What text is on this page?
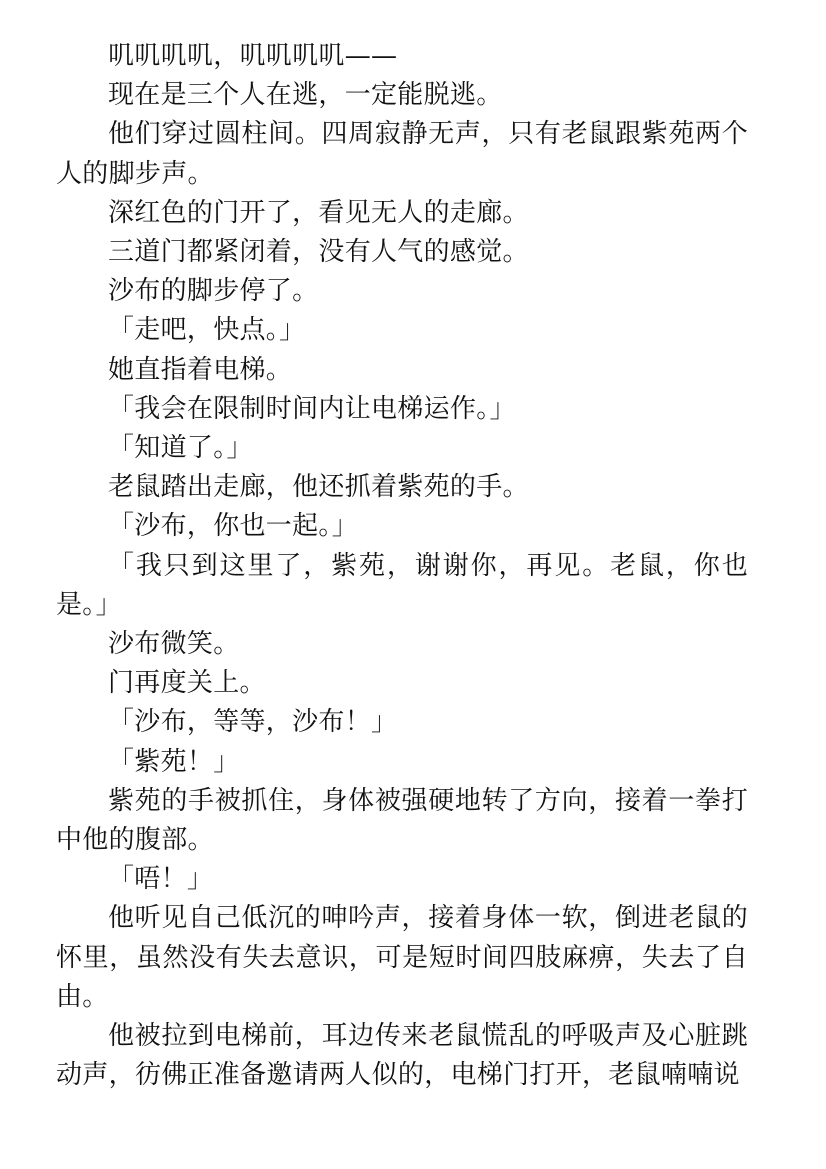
叽叽叽叽，叽叽叽叽——

现在是三个人在逃，一定能脱逃。

他们穿过圆柱间。四周寂静无声，只有老鼠跟紫苑两个人的脚步声。

深红色的门开了，看见无人的走廊。

三道门都紧闭着，没有人气的感觉。

沙布的脚步停了。

「走吧，快点。」

她直指着电梯。

「我会在限制时间内让电梯运作。」

「知道了。」

老鼠踏出走廊，他还抓着紫苑的手。

「沙布，你也一起。」

「我只到这里了，紫苑，谢谢你，再见。老鼠，你也是。」

沙布微笑。

门再度关上。

「沙布，等等，沙布！」

「紫苑！」

紫苑的手被抓住，身体被强硬地转了方向，接着一拳打中他的腹部。

「唔！」

他听见自己低沉的呻吟声，接着身体一软，倒进老鼠的怀里，虽然没有失去意识，可是短时间四肢麻痹，失去了自由。

他被拉到电梯前，耳边传来老鼠慌乱的呼吸声及心脏跳动声，彷佛正准备邀请两人似的，电梯门打开，老鼠喃喃说
